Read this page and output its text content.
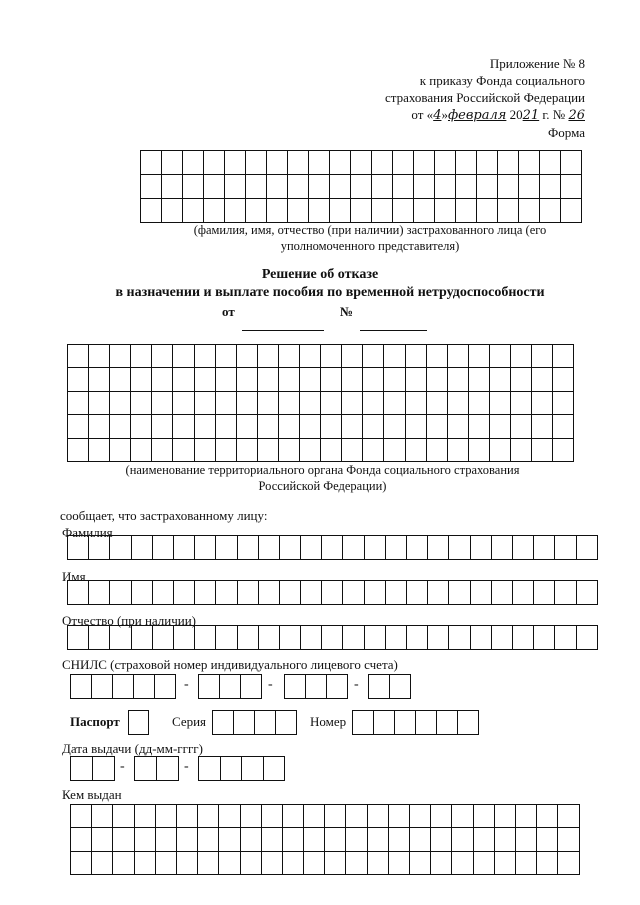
Приложение № 8
к приказу Фонда социального
страхования Российской Федерации
от «4»февраля 2021 г. № 26
Форма
(фамилия, имя, отчество (при наличии) застрахованного лица (его уполномоченного представителя)
Решение об отказе
в назначении и выплате пособия по временной нетрудоспособности
от	№
(наименование территориального органа Фонда социального страхования Российской Федерации)
сообщает, что застрахованному лицу:
Фамилия
Имя
Отчество (при наличии)
СНИЛС (страховой номер индивидуального лицевого счета)
-	-	-
Паспорт	Серия	Номер
Дата выдачи (дд-мм-гггг)
-	-
Кем выдан
